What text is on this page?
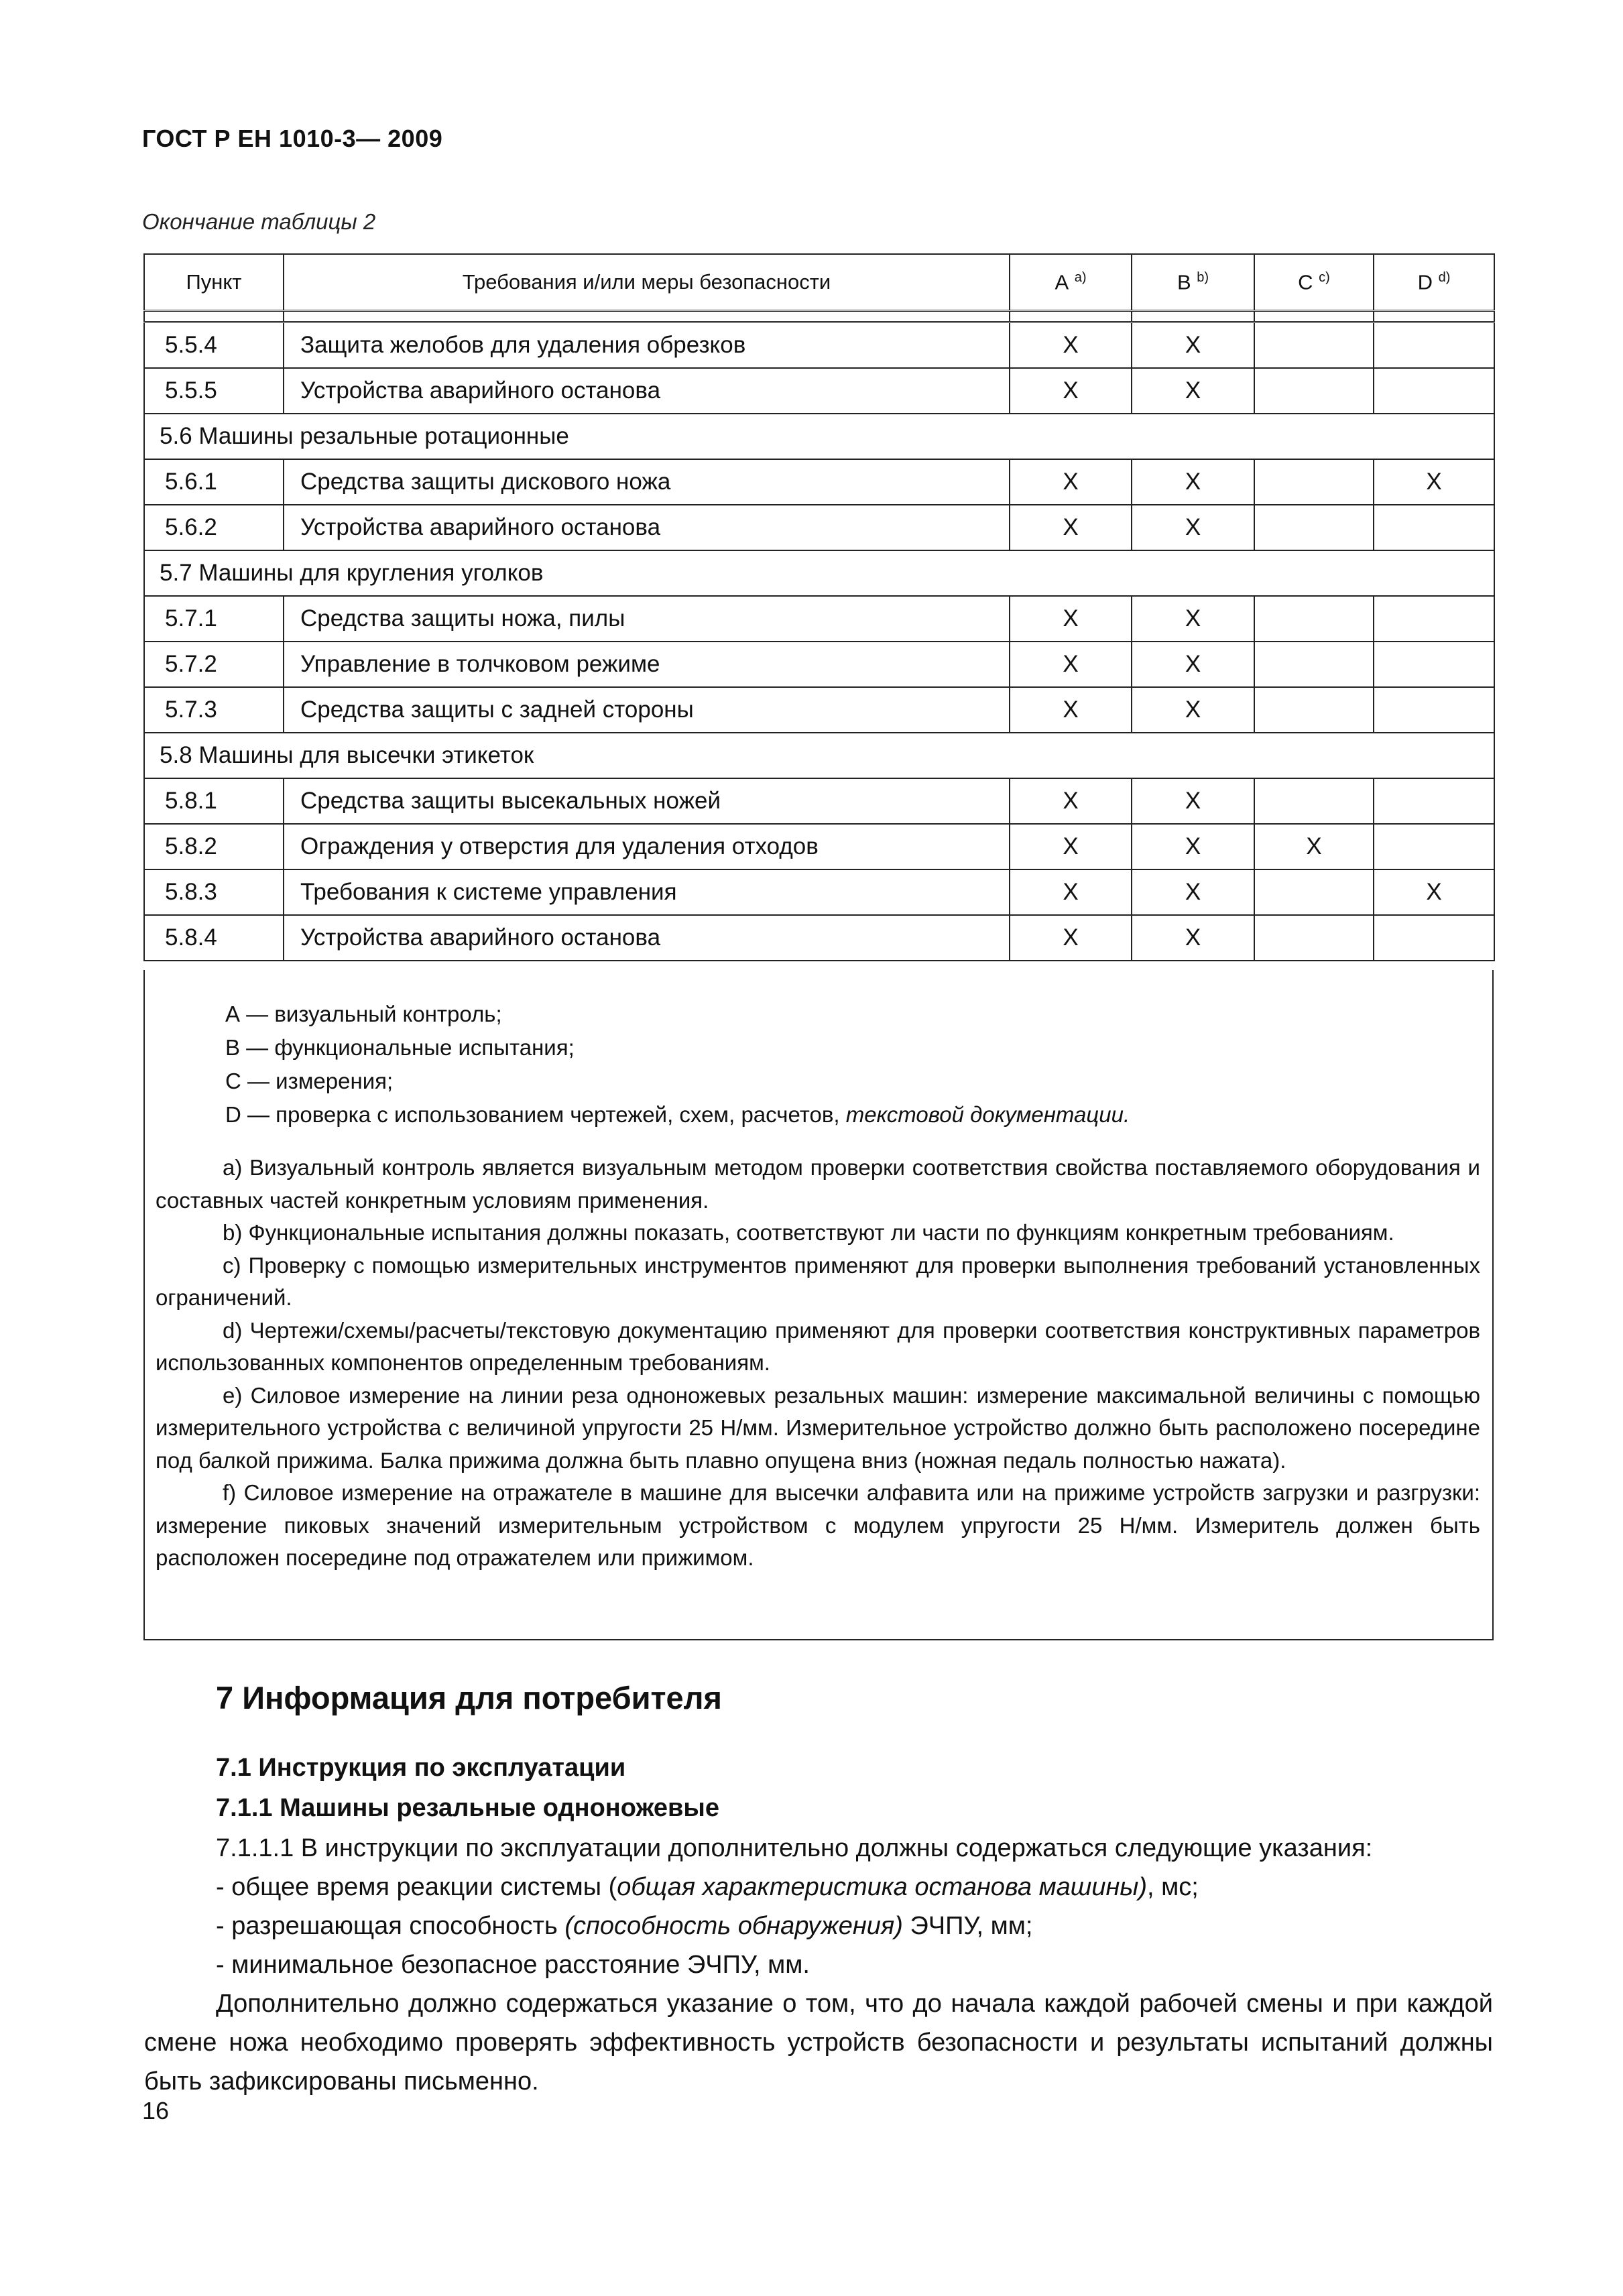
ГОСТ Р ЕН 1010-3— 2009
Окончание таблицы 2
Пункт	Требования и/или меры безопасности	А $^{a)}$	В $^{b)}$	С $^{c)}$	D $^{d)}$

5.5.4	Защита желобов для удаления обрезков	X	X		
5.5.5	Устройства аварийного останова	X	X		
5.6 Машины резальные ротационные					
5.6.1	Средства защиты дискового ножа	X	X		X
5.6.2	Устройства аварийного останова	X	X		
5.7 Машины для кругления уголков					
5.7.1	Средства защиты ножа, пилы	X	X		
5.7.2	Управление в толчковом режиме	X	X		
5.7.3	Средства защиты с задней стороны	X	X		
5.8 Машины для высечки этикеток					
5.8.1	Средства защиты высекальных ножей	X	X		
5.8.2	Ограждения у отверстия для удаления отходов	X	X	X	
5.8.3	Требования к системе управления	X	X		X
5.8.4	Устройства аварийного останова	X	X		
А — визуальный контроль;
В — функциональные испытания;
С — измерения;
D — проверка с использованием чертежей, схем, расчетов, текстовой документации.

а) Визуальный контроль является визуальным методом проверки соответствия свойства поставляемого оборудования и составных частей конкретным условиям применения.

b) Функциональные испытания должны показать, соответствуют ли части по функциям конкретным требованиям.

c) Проверку с помощью измерительных инструментов применяют для проверки выполнения требований установленных ограничений.

d) Чертежи/схемы/расчеты/текстовую документацию применяют для проверки соответствия конструктивных параметров использованных компонентов определенным требованиям.

е) Силовое измерение на линии реза одноножевых резальных машин: измерение максимальной величины с помощью измерительного устройства с величиной упругости 25 Н/мм. Измерительное устройство должно быть расположено посередине под балкой прижима. Балка прижима должна быть плавно опущена вниз (ножная педаль полностью нажата).

f) Силовое измерение на отражателе в машине для высечки алфавита или на прижиме устройств загрузки и разгрузки: измерение пиковых значений измерительным устройством с модулем упругости 25 Н/мм. Измеритель должен быть расположен посередине под отражателем или прижимом.

7 Информация для потребителя
7.1 Инструкция по эксплуатации
7.1.1 Машины резальные одноножевые

7.1.1.1 В инструкции по эксплуатации дополнительно должны содержаться следующие указания:

- общее время реакции системы (общая характеристика останова машины), мс;

- разрешающая способность (способность обнаружения) ЭЧПУ, мм;

- минимальное безопасное расстояние ЭЧПУ, мм.

Дополнительно должно содержаться указание о том, что до начала каждой рабочей смены и при каждой смене ножа необходимо проверять эффективность устройств безопасности и результаты испытаний должны быть зафиксированы письменно.

16
